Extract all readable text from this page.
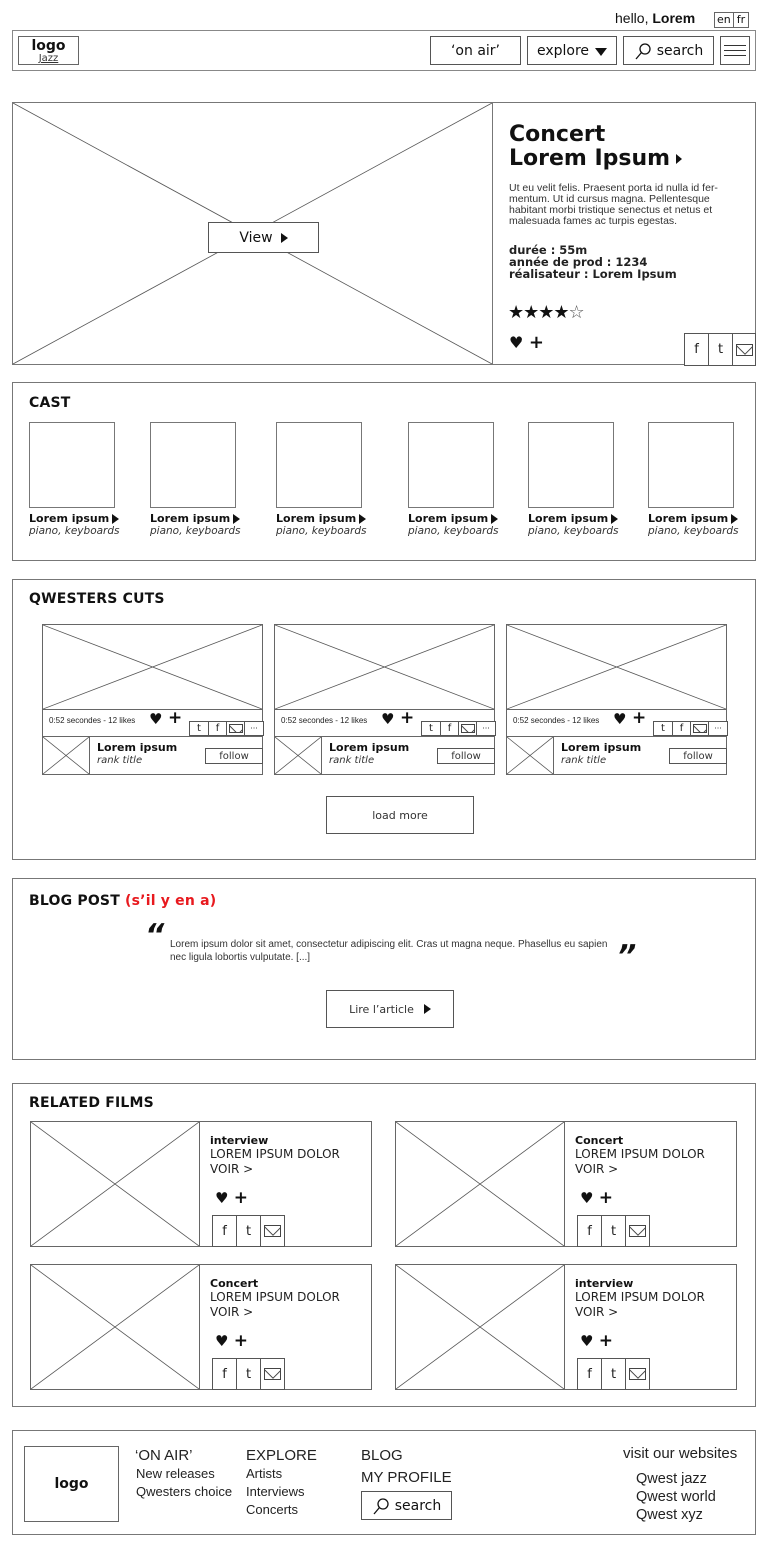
hello, Lorem en fr
logo
Jazz	‘on air’	explore	search
View
Concert
Lorem Ipsum
Ut eu velit felis. Praesent porta id nulla id fer-mentum. Ut id cursus magna. Pellentesque habitant morbi tristique senectus et netus et malesuada fames ac turpis egestas.
durée : 55m
année de prod : 1234
réalisateur : Lorem Ipsum
★★★★☆
♥ +	f	t
CAST
Lorem ipsum
piano, keyboards
Lorem ipsum
piano, keyboards
Lorem ipsum
piano, keyboards
Lorem ipsum
piano, keyboards
Lorem ipsum
piano, keyboards
Lorem ipsum
piano, keyboards
QWESTERS CUTS
0:52 secondes - 12 likes ♥ +
t	f	···
Lorem ipsum
rank title	follow
0:52 secondes - 12 likes ♥ +
t	f	···
Lorem ipsum
rank title	follow
0:52 secondes - 12 likes ♥ +
t	f	···
Lorem ipsum
rank title	follow
load more
BLOG POST (s’il y en a)
“ Lorem ipsum dolor sit amet, consectetur adipiscing elit. Cras ut magna neque. Phasellus eu sapien nec ligula lobortis vulputate. [...]	”
Lire l’article
RELATED FILMS
interview
LOREM IPSUM DOLOR
VOIR >
♥ +
f	t
Concert
LOREM IPSUM DOLOR
VOIR >
♥ +
f	t
Concert
LOREM IPSUM DOLOR
VOIR >
♥ +
f	t
interview
LOREM IPSUM DOLOR
VOIR >
♥ +
f	t
logo
‘ON AIR’
New releases
Qwesters choice
EXPLORE
Artists
Interviews
Concerts
BLOG
MY PROFILE
search
visit our websites
Qwest jazz
Qwest world
Qwest xyz
